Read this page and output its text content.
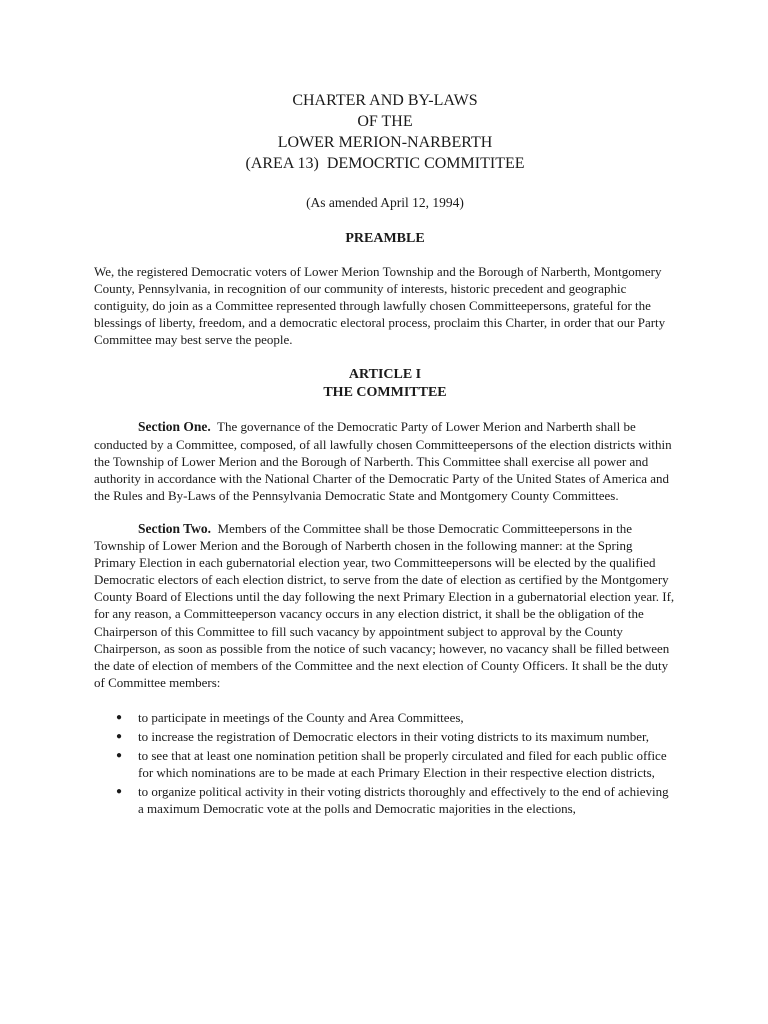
CHARTER AND BY-LAWS
OF THE
LOWER MERION-NARBERTH
(AREA 13)  DEMOCRTIC COMMITITEE
(As amended April 12, 1994)
PREAMBLE

We, the registered Democratic voters of Lower Merion Township and the Borough of Narberth, Montgomery County, Pennsylvania, in recognition of our community of interests, historic precedent and geographic contiguity, do join as a Committee represented through lawfully chosen Committeepersons, grateful for the blessings of liberty, freedom, and a democratic electoral process, proclaim this Charter, in order that our Party Committee may best serve the people.

ARTICLE I
THE COMMITTEE

Section One. The governance of the Democratic Party of Lower Merion and Narberth shall be conducted by a Committee, composed, of all lawfully chosen Committeepersons of the election districts within the Township of Lower Merion and the Borough of Narberth. This Committee shall exercise all power and authority in accordance with the National Charter of the Democratic Party of the United States of America and the Rules and By-Laws of the Pennsylvania Democratic State and Montgomery County Committees.

Section Two. Members of the Committee shall be those Democratic Committeepersons in the Township of Lower Merion and the Borough of Narberth chosen in the following manner: at the Spring Primary Election in each gubernatorial election year, two Committeepersons will be elected by the qualified Democratic electors of each election district, to serve from the date of election as certified by the Montgomery County Board of Elections until the day following the next Primary Election in a gubernatorial election year. If, for any reason, a Committeeperson vacancy occurs in any election district, it shall be the obligation of the Chairperson of this Committee to fill such vacancy by appointment subject to approval by the County Chairperson, as soon as possible from the notice of such vacancy; however, no vacancy shall be filled between the date of election of members of the Committee and the next election of County Officers. It shall be the duty of Committee members:

● to participate in meetings of the County and Area Committees,
● to increase the registration of Democratic electors in their voting districts to its maximum number,
● to see that at least one nomination petition shall be properly circulated and filed for each public office for which nominations are to be made at each Primary Election in their respective election districts,
● to organize political activity in their voting districts thoroughly and effectively to the end of achieving a maximum Democratic vote at the polls and Democratic majorities in the elections,
